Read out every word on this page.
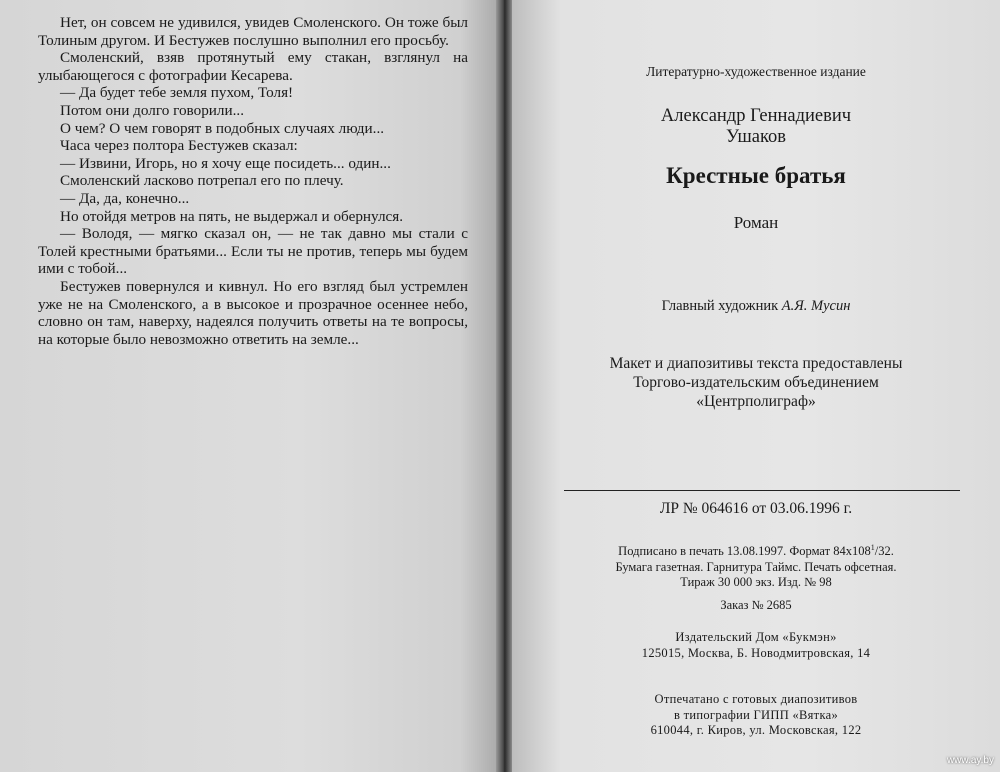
Нет, он совсем не удивился, увидев Смоленского. Он тоже был Толиным другом. И Бестужев послушно выполнил его просьбу.

Смоленский, взяв протянутый ему стакан, взглянул на улыбающегося с фотографии Кесарева.

— Да будет тебе земля пухом, Толя!

Потом они долго говорили...

О чем? О чем говорят в подобных случаях люди...

Часа через полтора Бестужев сказал:

— Извини, Игорь, но я хочу еще посидеть... один...

Смоленский ласково потрепал его по плечу.

— Да, да, конечно...

Но отойдя метров на пять, не выдержал и обернулся.

— Володя, — мягко сказал он, — не так давно мы стали с Толей крестными братьями... Если ты не против, теперь мы будем ими с тобой...

Бестужев повернулся и кивнул. Но его взгляд был устремлен уже не на Смоленского, а в высокое и прозрачное осеннее небо, словно он там, наверху, надеялся получить ответы на те вопросы, на которые было невозможно ответить на земле...

Литературно-художественное издание
Александр Геннадиевич
Ушаков
Крестные братья
Роман
Главный художник А.Я. Мусин
Макет и диапозитивы текста предоставлены
Торгово-издательским объединением
«Центрполиграф»
ЛР № 064616 от 03.06.1996 г.
Подписано в печать 13.08.1997. Формат $84x108^1/32$.
Бумага газетная. Гарнитура Таймс. Печать офсетная.
Тираж 30 000 экз. Изд. № 98
Заказ № 2685
Издательский Дом «Букмэн»
125015, Москва, Б. Новодмитровская, 14
Отпечатано с готовых диапозитивов
в типографии ГИПП «Вятка»
610044, г. Киров, ул. Московская, 122
www.ay.by
